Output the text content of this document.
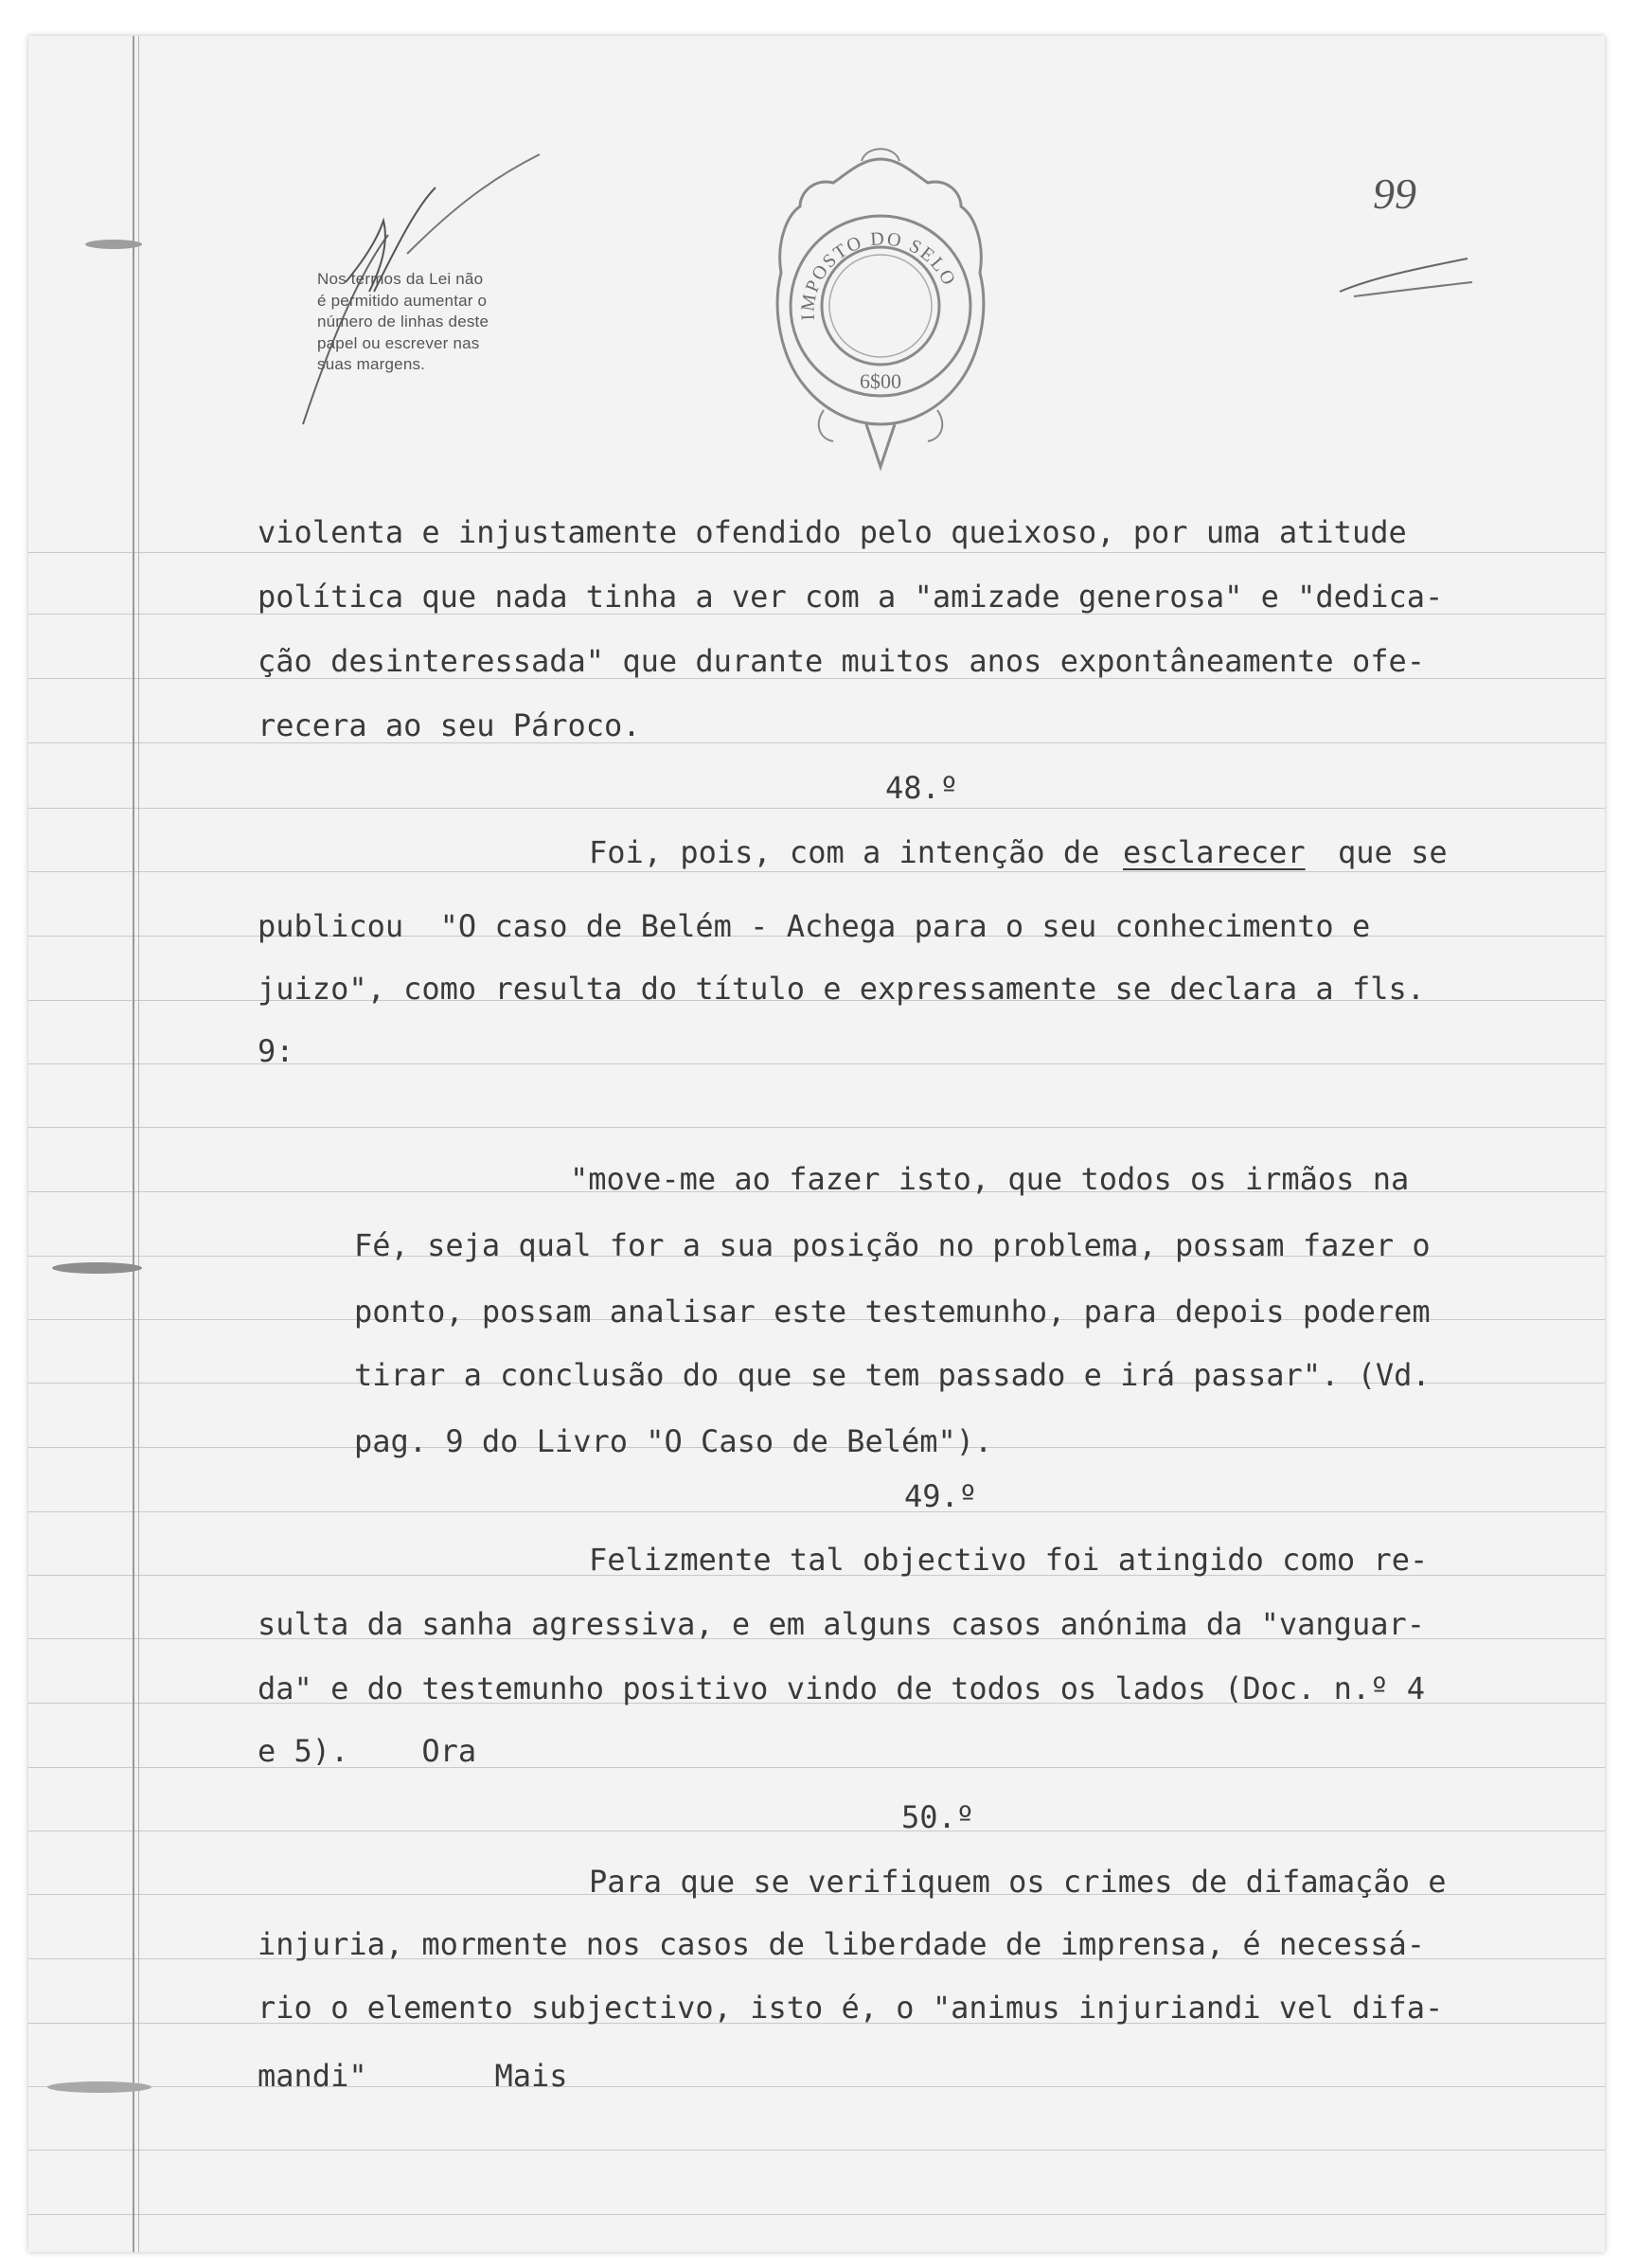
Nos termos da Lei não
é permitido aumentar o
número de linhas deste
papel ou escrever nas
suas margens.
IMPOSTO DO SELO
6$00
99
violenta e injustamente ofendido pelo queixoso, por uma atitude
política que nada tinha a ver com a "amizade generosa" e "dedica-
ção desinteressada" que durante muitos anos expontâneamente ofe-
recera ao seu Pároco.
48.º
Foi, pois, com a intenção de esclarecer que se
publicou  "O caso de Belém - Achega para o seu conhecimento e
juizo", como resulta do título e expressamente se declara a fls.
9:
"move-me ao fazer isto, que todos os irmãos na
Fé, seja qual for a sua posição no problema, possam fazer o
ponto, possam analisar este testemunho, para depois poderem
tirar a conclusão do que se tem passado e irá passar". (Vd.
pag. 9 do Livro "O Caso de Belém").
49.º
Felizmente tal objectivo foi atingido como re-
sulta da sanha agressiva, e em alguns casos anónima da "vanguar-
da" e do testemunho positivo vindo de todos os lados (Doc. n.º 4
e 5).    Ora
50.º
Para que se verifiquem os crimes de difamação e
injuria, mormente nos casos de liberdade de imprensa, é necessá-
rio o elemento subjectivo, isto é, o "animus injuriandi vel difa-
mandi"       Mais
